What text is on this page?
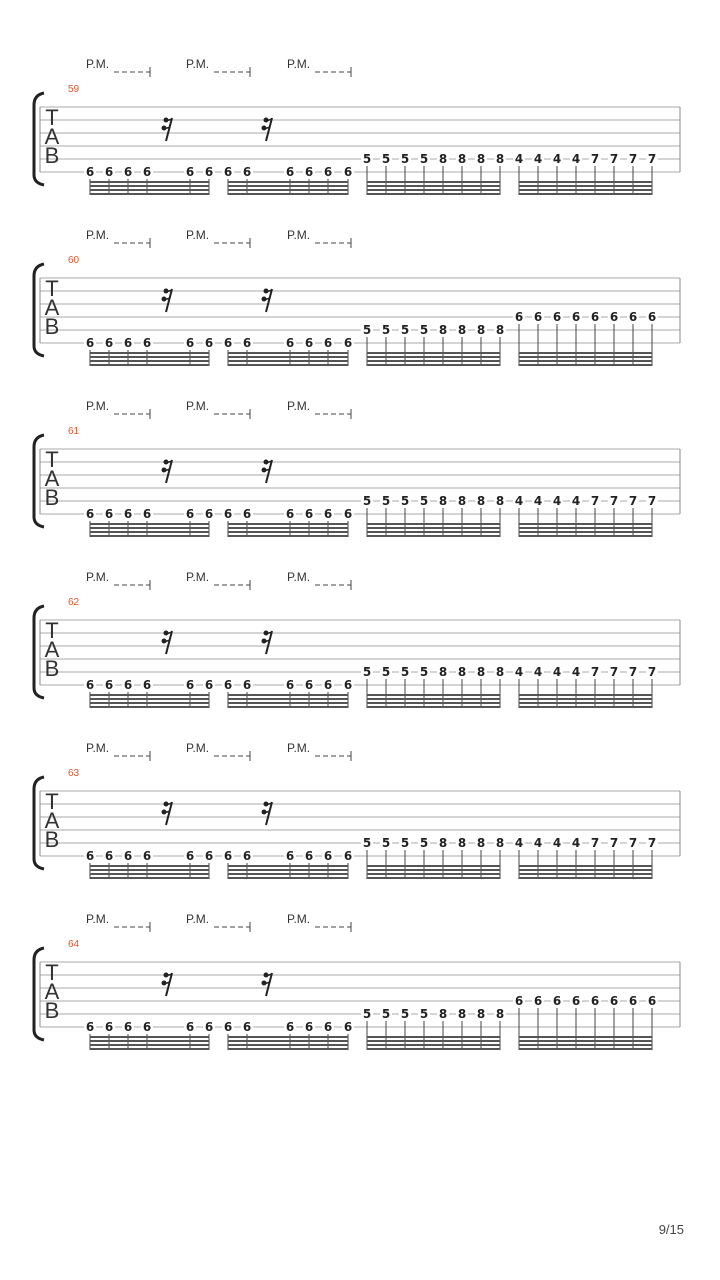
P.M.	P.M.	P.M.
59
T
A
B
6 6 6 6	6 6 6 6	6 6 6 6
5 5 5 5 8 8 8 8 4 4 4 4 7 7 7 7
P.M.	P.M.	P.M.
60
T
A
B
6 6 6 6	6 6 6 6	6 6 6 6
5 5 5 5 8 8 8 8
6 6 6 6 6 6 6 6
P.M.	P.M.	P.M.
61
T
A
B
6 6 6 6	6 6 6 6	6 6 6 6
5 5 5 5 8 8 8 8 4 4 4 4 7 7 7 7
P.M.	P.M.	P.M.
62
T
A
B
6 6 6 6	6 6 6 6	6 6 6 6
5 5 5 5 8 8 8 8 4 4 4 4 7 7 7 7
P.M.	P.M.	P.M.
63
T
A
B
6 6 6 6	6 6 6 6	6 6 6 6
5 5 5 5 8 8 8 8 4 4 4 4 7 7 7 7
P.M.	P.M.	P.M.
64
T
A
B
6 6 6 6	6 6 6 6	6 6 6 6
5 5 5 5 8 8 8 8
6 6 6 6 6 6 6 6
9/15
